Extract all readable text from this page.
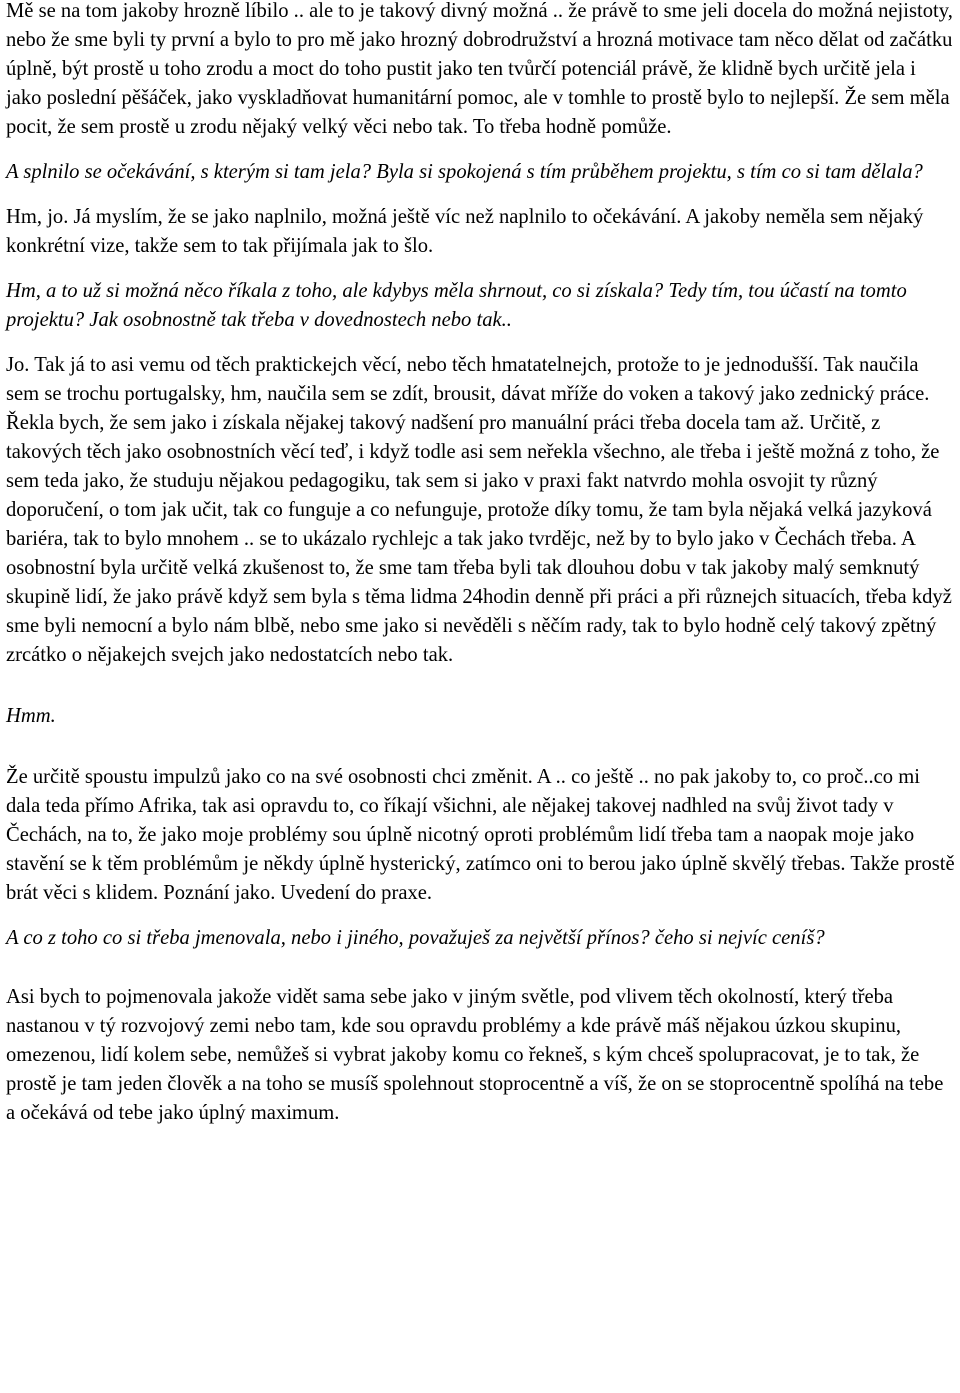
Mě se na tom jakoby hrozně líbilo .. ale to je takový divný možná .. že právě to sme jeli docela do možná nejistoty, nebo že sme byli ty první a bylo to pro mě jako hrozný dobrodružství a hrozná motivace tam něco dělat od začátku úplně, být prostě u toho zrodu a moct do toho pustit jako ten tvůrčí potenciál právě, že klidně bych určitě jela i jako poslední pěšáček, jako vyskladňovat humanitární pomoc, ale v tomhle to prostě bylo to nejlepší. Že sem měla pocit, že sem prostě u zrodu nějaký velký věci nebo tak. To třeba hodně pomůže.

A splnilo se očekávání, s kterým si tam jela? Byla si spokojená s tím průběhem projektu, s tím co si tam dělala?

Hm, jo. Já myslím, že se jako naplnilo, možná ještě víc než naplnilo to očekávání. A jakoby neměla sem nějaký konkrétní vize, takže sem to tak přijímala jak to šlo.

Hm, a to už si možná něco říkala z toho, ale kdybys měla shrnout, co si získala? Tedy tím, tou účastí na tomto projektu? Jak osobnostně tak třeba v dovednostech nebo tak..

Jo. Tak já to asi vemu od těch praktickejch věcí, nebo těch hmatatelnejch, protože to je jednodušší. Tak naučila sem se trochu portugalsky, hm, naučila sem se zdít, brousit, dávat mříže do voken a takový jako zednický práce. Řekla bych, že sem jako i získala nějakej takový nadšení pro manuální práci třeba docela tam až. Určitě, z takových těch jako osobnostních věcí teď, i když todle asi sem neřekla všechno, ale třeba i ještě možná z toho, že sem teda jako, že studuju nějakou pedagogiku, tak sem si jako v praxi fakt natvrdo mohla osvojit ty různý doporučení, o tom jak učit, tak co funguje a co nefunguje, protože díky tomu, že tam byla nějaká velká jazyková bariéra, tak to bylo mnohem .. se to ukázalo rychlejc a tak jako tvrdějc, než by to bylo jako v Čechách třeba. A osobnostní byla určitě velká zkušenost to, že sme tam třeba byli tak dlouhou dobu v tak jakoby malý semknutý skupině lidí, že jako právě když sem byla s těma lidma 24hodin denně při práci a při různejch situacích, třeba když sme byli nemocní a bylo nám blbě, nebo sme jako si nevěděli s něčím rady, tak to bylo hodně celý takový zpětný zrcátko o nějakejch svejch jako nedostatcích nebo tak.

Hmm.

Že určitě spoustu impulzů jako co na své osobnosti chci změnit. A .. co ještě .. no pak jakoby to, co proč..co mi dala teda přímo Afrika, tak asi opravdu to, co říkají všichni, ale nějakej takovej nadhled na svůj život tady v Čechách, na to, že jako moje problémy sou úplně nicotný oproti problémům lidí třeba tam a naopak moje jako stavění se k těm problémům je někdy úplně hysterický, zatímco oni to berou jako úplně skvělý třebas. Takže prostě brát věci s klidem. Poznání jako. Uvedení do praxe.

A co z toho co si třeba jmenovala, nebo i jiného, považuješ za největší přínos? čeho si nejvíc ceníš?

Asi bych to pojmenovala jakože vidět sama sebe jako v jiným světle, pod vlivem těch okolností, který třeba nastanou v tý rozvojový zemi nebo tam, kde sou opravdu problémy a kde právě máš nějakou úzkou skupinu, omezenou, lidí kolem sebe, nemůžeš si vybrat jakoby komu co řekneš, s kým chceš spolupracovat, je to tak, že prostě je tam jeden člověk a na toho se musíš spolehnout stoprocentně a víš, že on se stoprocentně spolíhá na tebe a očekává od tebe jako úplný maximum.
